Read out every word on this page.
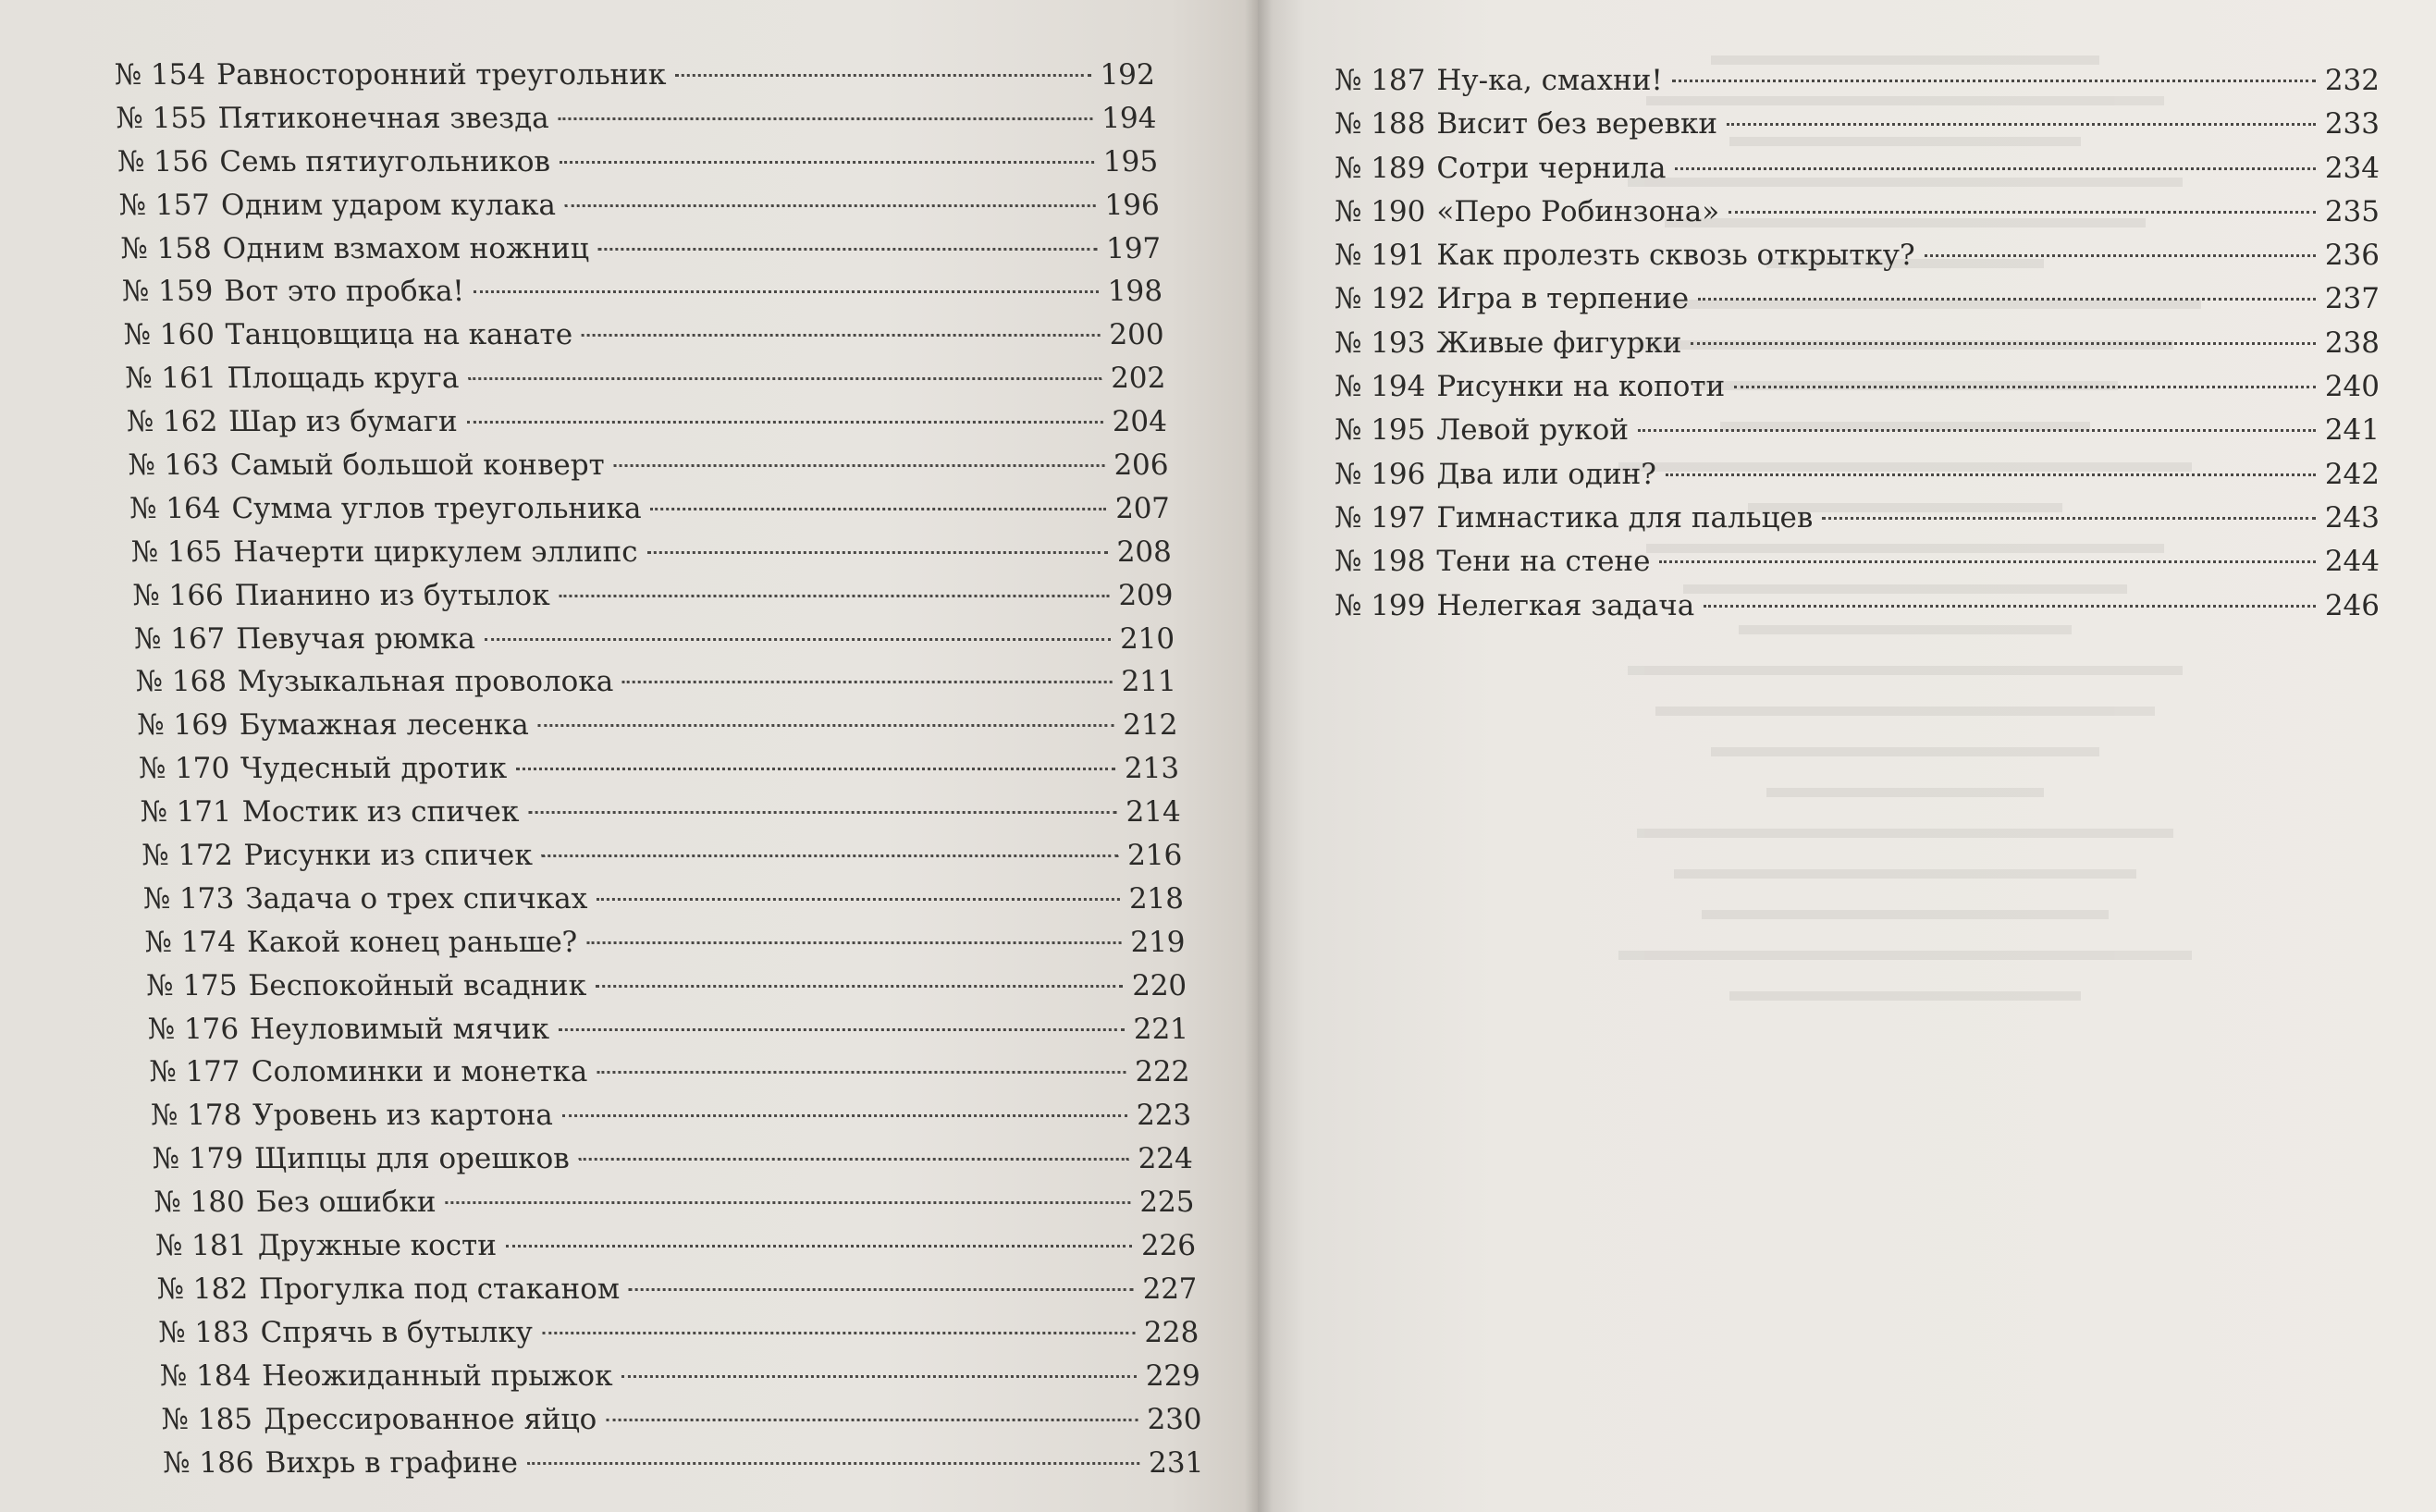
№ 154 Равносторонний треугольник	192
№ 155 Пятиконечная звезда	194
№ 156 Семь пятиугольников	195
№ 157 Одним ударом кулака	196
№ 158 Одним взмахом ножниц	197
№ 159 Вот это пробка!	198
№ 160 Танцовщица на канате	200
№ 161 Площадь круга	202
№ 162 Шар из бумаги	204
№ 163 Самый большой конверт	206
№ 164 Сумма углов треугольника	207
№ 165 Начерти циркулем эллипс	208
№ 166 Пианино из бутылок	209
№ 167 Певучая рюмка	210
№ 168 Музыкальная проволока	211
№ 169 Бумажная лесенка	212
№ 170 Чудесный дротик	213
№ 171 Мостик из спичек	214
№ 172 Рисунки из спичек	216
№ 173 Задача о трех спичках	218
№ 174 Какой конец раньше?	219
№ 175 Беспокойный всадник	220
№ 176 Неуловимый мячик	221
№ 177 Соломинки и монетка	222
№ 178 Уровень из картона	223
№ 179 Щипцы для орешков	224
№ 180 Без ошибки	225
№ 181 Дружные кости	226
№ 182 Прогулка под стаканом	227
№ 183 Спрячь в бутылку	228
№ 184 Неожиданный прыжок	229
№ 185 Дрессированное яйцо	230
№ 186 Вихрь в графине	231
№ 187 Ну-ка, смахни!	232
№ 188 Висит без веревки	233
№ 189 Сотри чернила	234
№ 190 «Перо Робинзона»	235
№ 191 Как пролезть сквозь открытку?	236
№ 192 Игра в терпение	237
№ 193 Живые фигурки	238
№ 194 Рисунки на копоти	240
№ 195 Левой рукой	241
№ 196 Два или один?	242
№ 197 Гимнастика для пальцев	243
№ 198 Тени на стене	244
№ 199 Нелегкая задача	246
